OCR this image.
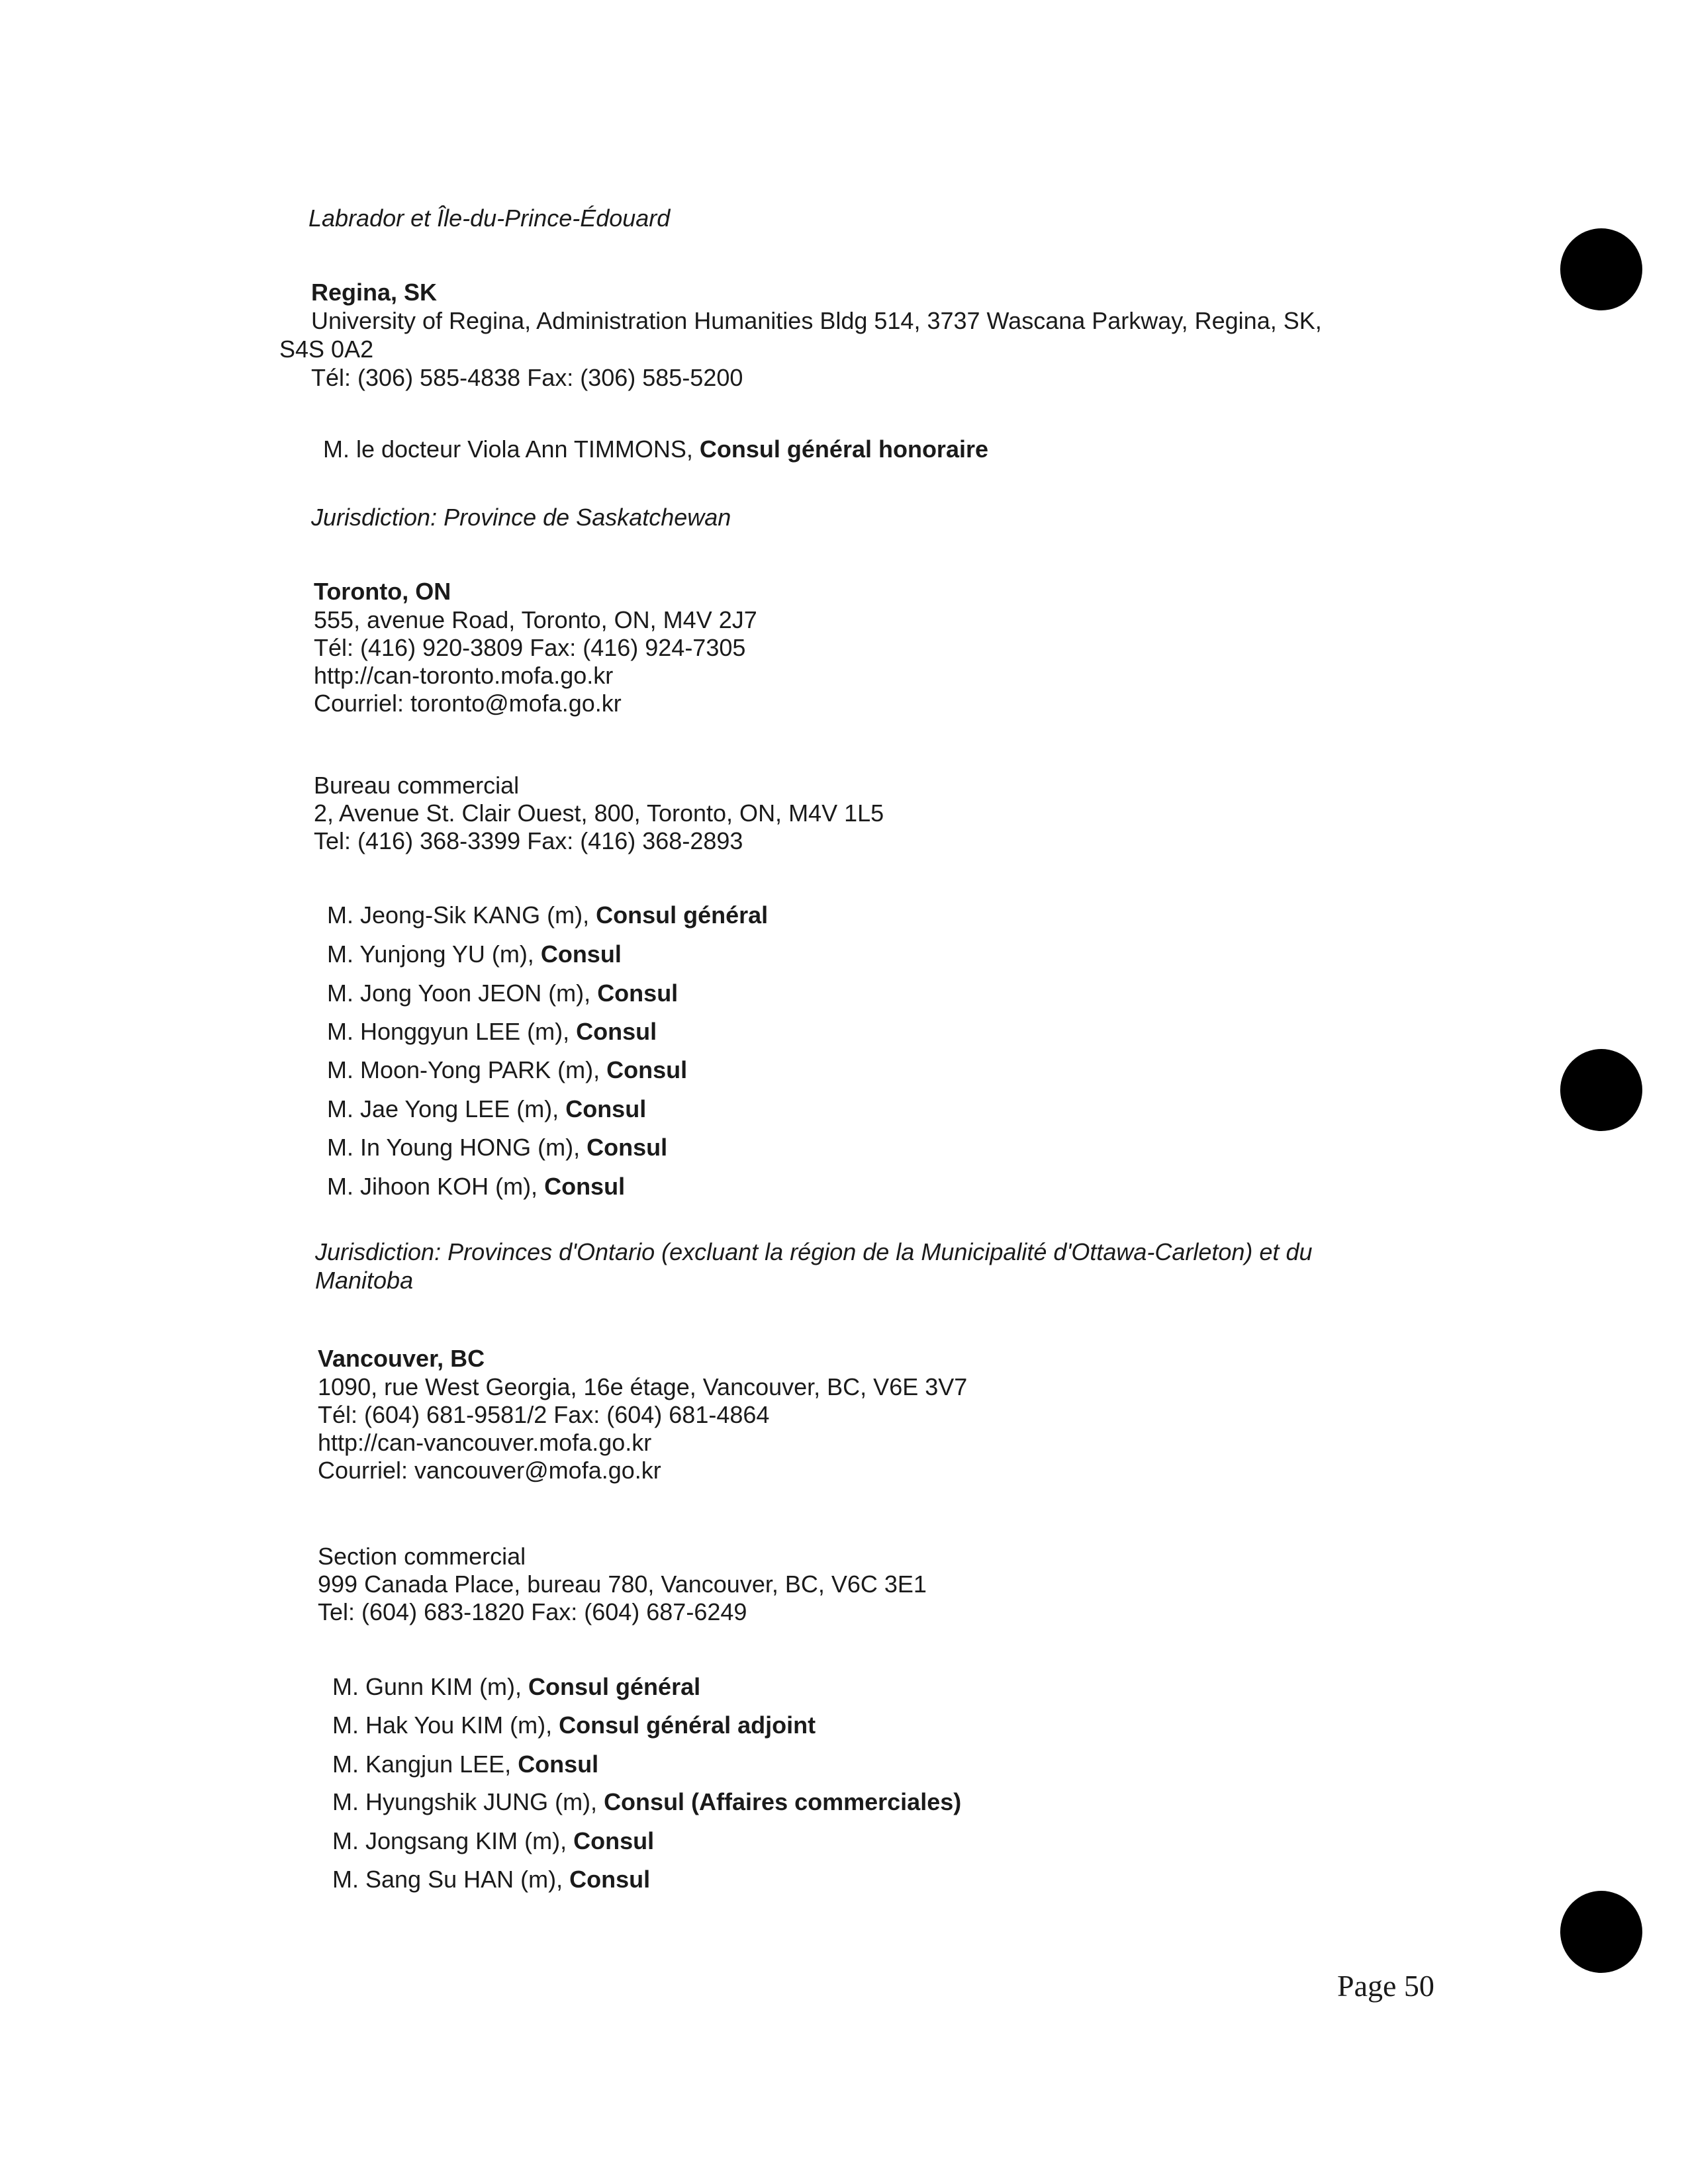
Labrador et Île-du-Prince-Édouard
Regina, SK
University of Regina, Administration Humanities Bldg 514, 3737 Wascana Parkway, Regina, SK,
S4S 0A2
Tél: (306) 585-4838 Fax: (306) 585-5200
M. le docteur Viola Ann TIMMONS, Consul général honoraire
Jurisdiction: Province de Saskatchewan
Toronto, ON
555, avenue Road, Toronto, ON, M4V 2J7
Tél: (416) 920-3809 Fax: (416) 924-7305
http://can-toronto.mofa.go.kr
Courriel: toronto@mofa.go.kr
Bureau commercial
2, Avenue St. Clair Ouest, 800, Toronto, ON, M4V 1L5
Tel: (416) 368-3399 Fax: (416) 368-2893
M. Jeong-Sik KANG (m), Consul général
M. Yunjong YU (m), Consul
M. Jong Yoon JEON (m), Consul
M. Honggyun LEE (m), Consul
M. Moon-Yong PARK (m), Consul
M. Jae Yong LEE (m), Consul
M. In Young HONG (m), Consul
M. Jihoon KOH (m), Consul
Jurisdiction: Provinces d'Ontario (excluant la région de la Municipalité d'Ottawa-Carleton) et du
Manitoba
Vancouver, BC
1090, rue West Georgia, 16e étage, Vancouver, BC, V6E 3V7
Tél: (604) 681-9581/2 Fax: (604) 681-4864
http://can-vancouver.mofa.go.kr
Courriel: vancouver@mofa.go.kr
Section commercial
999 Canada Place, bureau 780, Vancouver, BC, V6C 3E1
Tel: (604) 683-1820 Fax: (604) 687-6249
M. Gunn KIM (m), Consul général
M. Hak You KIM (m), Consul général adjoint
M. Kangjun LEE, Consul
M. Hyungshik JUNG (m), Consul (Affaires commerciales)
M. Jongsang KIM (m), Consul
M. Sang Su HAN (m), Consul
Page 50
